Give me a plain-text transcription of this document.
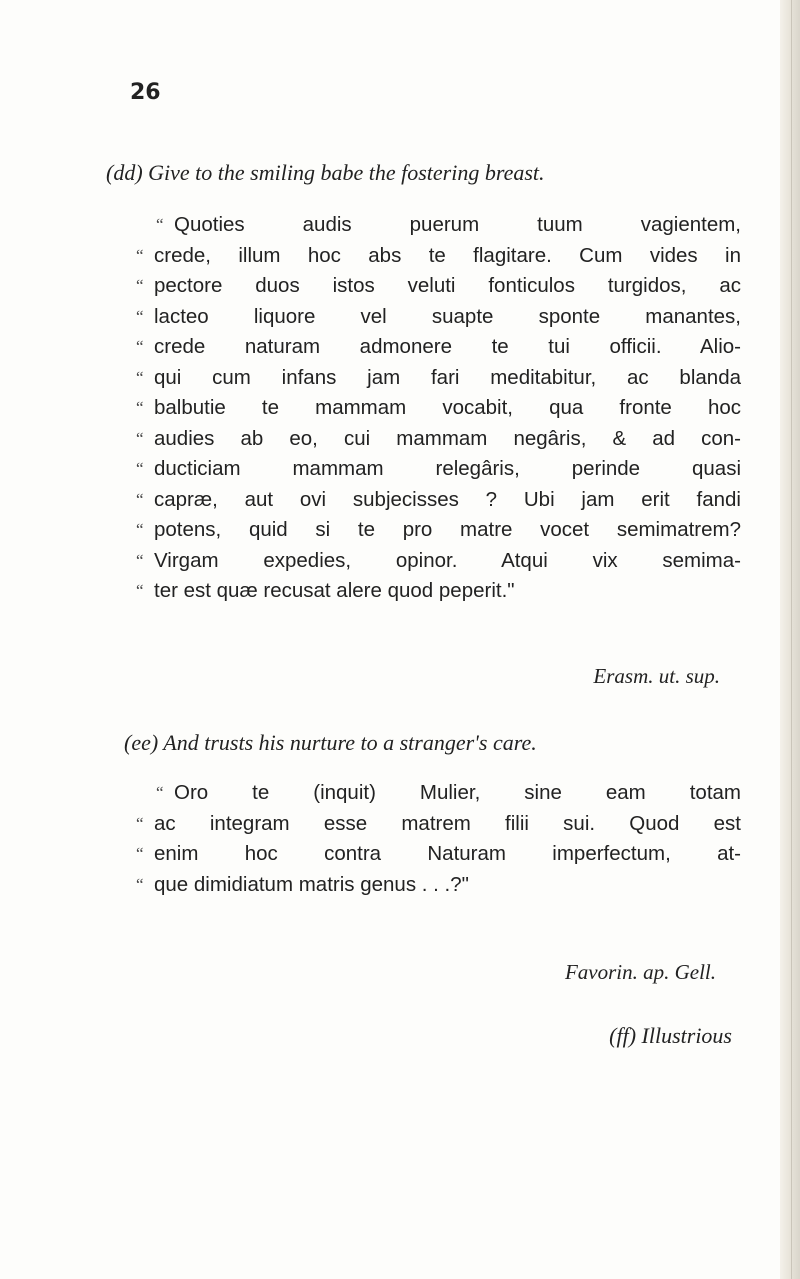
26
(dd) Give to the smiling babe the fostering breast.
“ Quoties audis puerum tuum vagientem,
“ crede, illum hoc abs te flagitare. Cum vides in
“ pectore duos istos veluti fonticulos turgidos, ac
“ lacteo liquore vel suapte sponte manantes,
“ crede naturam admonere te tui officii. Alio-
“ qui cum infans jam fari meditabitur, ac blanda
“ balbutie te mammam vocabit, qua fronte hoc
“ audies ab eo, cui mammam negâris, & ad con-
“ ducticiam mammam relegâris, perinde quasi
“ capræ, aut ovi subjecisses ? Ubi jam erit fandi
“ potens, quid si te pro matre vocet semimatrem?
“ Virgam expedies, opinor. Atqui vix semima-
“ ter est quæ recusat alere quod peperit."
Erasm. ut. sup.
(ee) And trusts his nurture to a stranger's care.
“ Oro te (inquit) Mulier, sine eam totam
“ ac integram esse matrem filii sui. Quod est
“ enim hoc contra Naturam imperfectum, at-
“ que dimidiatum matris genus . . .?"
Favorin. ap. Gell.
(ff) Illustrious
